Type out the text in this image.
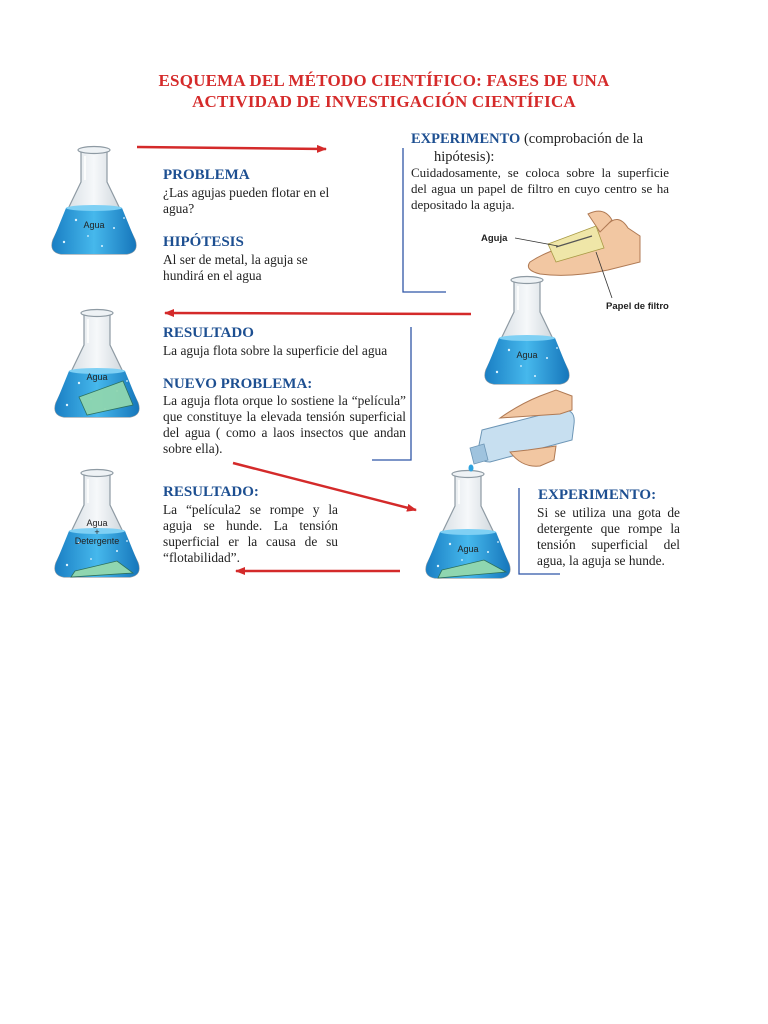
ESQUEMA DEL MÉTODO CIENTÍFICO: FASES DE UNA
ACTIVIDAD DE INVESTIGACIÓN CIENTÍFICA
Agua
Agua
Agua
+
Detergente
Agua
Agua
Aguja
Papel de filtro
PROBLEMA
¿Las agujas pueden flotar en el agua?
HIPÓTESIS
Al ser de metal, la aguja se hundirá en el agua
EXPERIMENTO (comprobación de la
hipótesis):
Cuidadosamente, se coloca sobre la superficie del agua un papel de filtro en cuyo centro se ha depositado la aguja.
RESULTADO
La aguja flota sobre la superficie del agua
NUEVO PROBLEMA:
La aguja flota orque lo sostiene la “película” que constituye la elevada tensión superficial del agua ( como a laos insectos que andan sobre ella).
RESULTADO:
La “película2 se rompe y la aguja se hunde. La tensión superficial er la causa de su “flotabilidad”.
EXPERIMENTO:
Si se utiliza una gota de detergente que rompe la tensión superficial del agua, la aguja se hunde.
